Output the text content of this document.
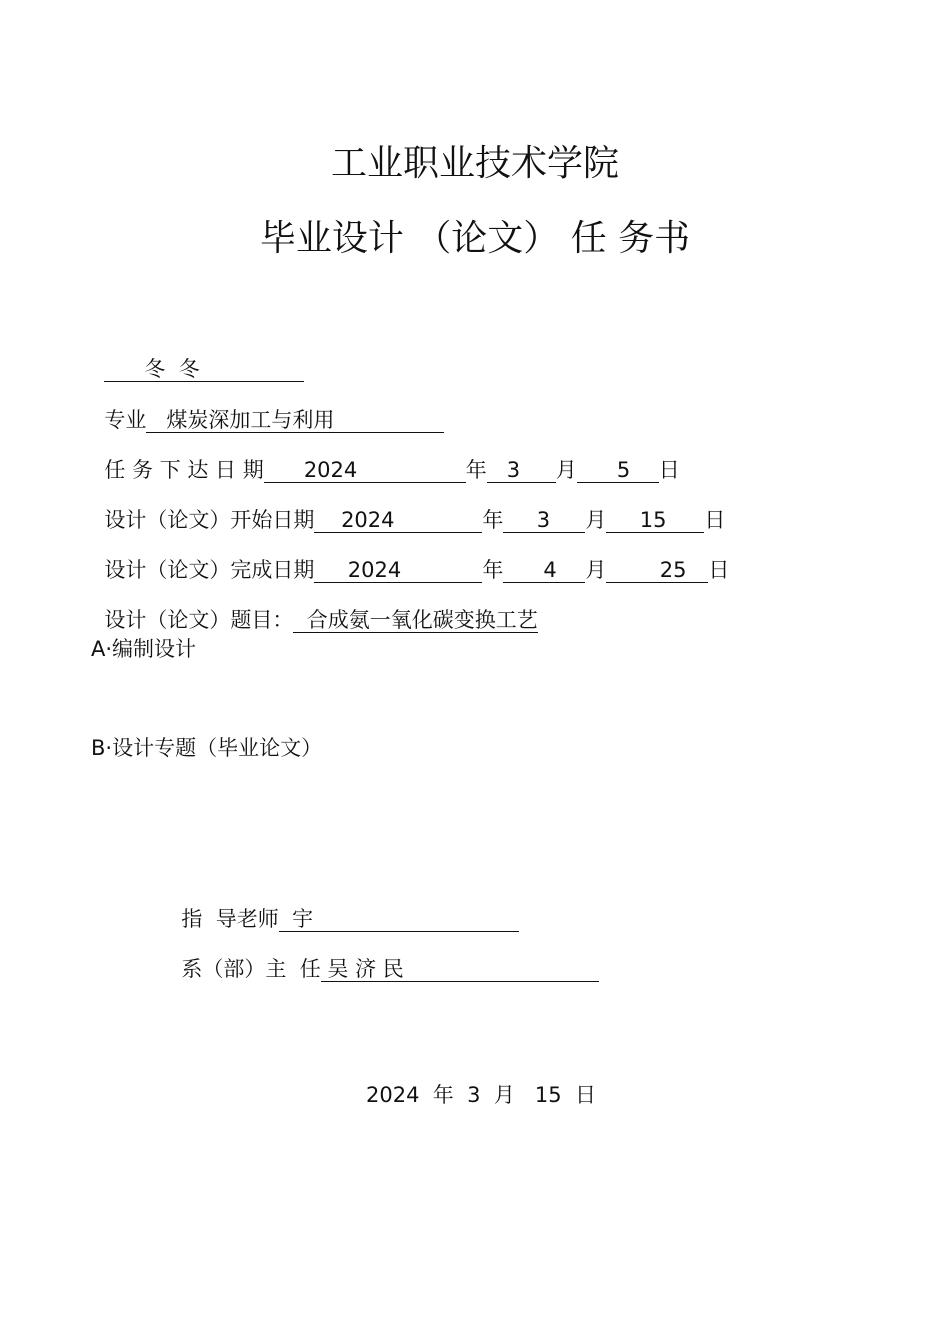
工业职业技术学院
毕业设计 （论文） 任 务书

冬  冬

专业 煤炭深加工与利用

任 务 下 达 日 期 2024	年 3 月 5 日

设计（论文）开始日期 2024	年 3 月 15 日

设计（论文）完成日期 2024	年 4 月	25 日

设计（论文）题目： 合成氨一氧化碳变换工艺

A·编制设计
B·设计专题（毕业论文）

指  导老师 宇

系（部）主  任 吴 济 民

2024 年 3 月 15 日
